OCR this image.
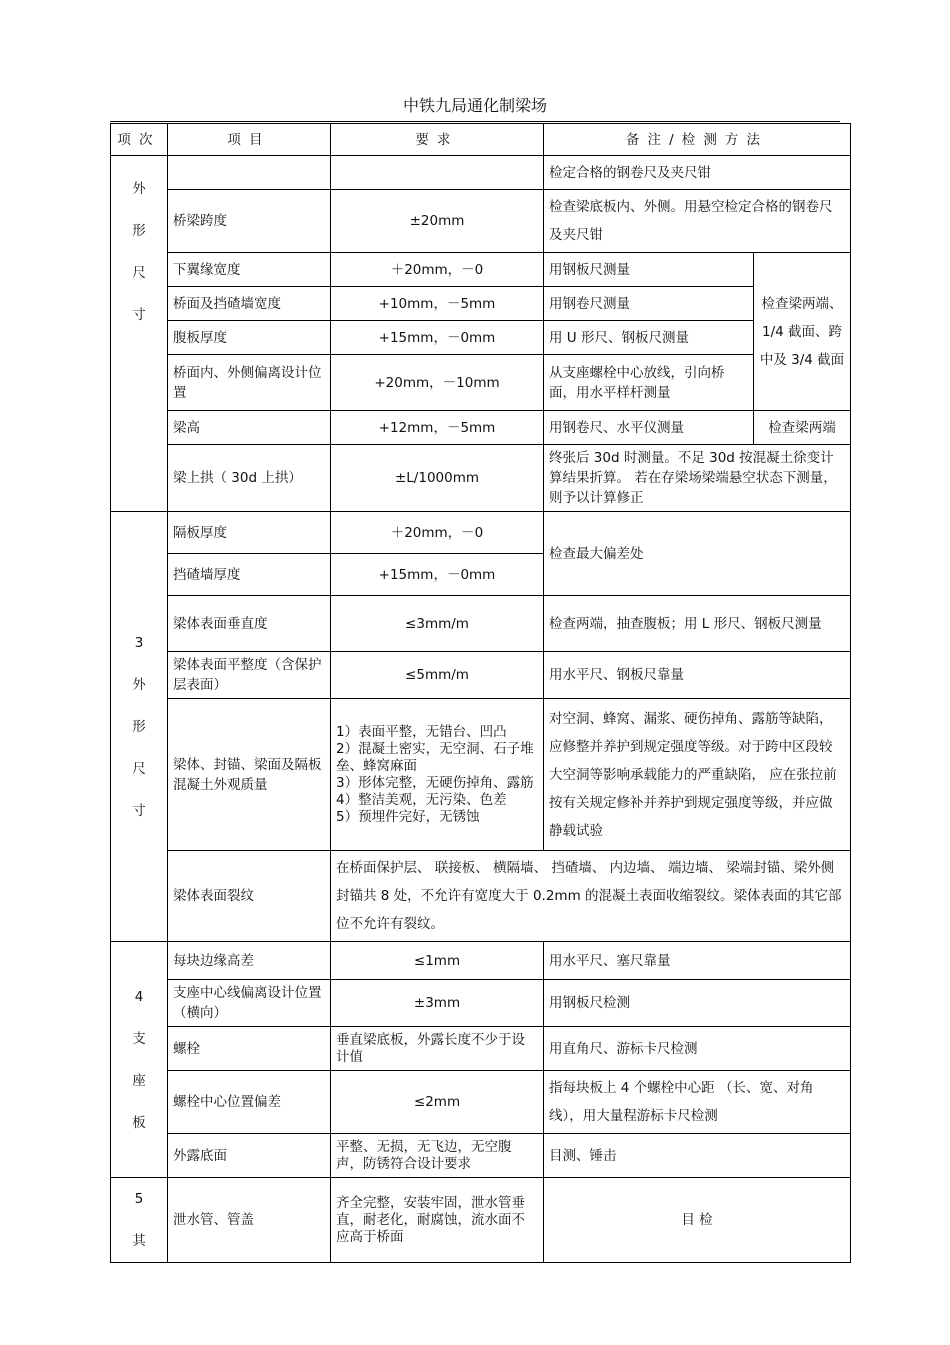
中铁九局通化制梁场
项次	项目	要求	备注/检测方法	
外形尺寸			检定合格的钢卷尺及夹尺钳	
	桥梁跨度	±20mm	检查梁底板内、外侧。用悬空检定合格的钢卷尺及夹尺钳	
	下翼缘宽度	＋20mm，－0	用钢板尺测量	检查梁两端、1/4 截面、跨中及 3/4 截面
	桥面及挡碴墙宽度	+10mm，－5mm	用钢卷尺测量	
	腹板厚度	+15mm，－0mm	用 U 形尺、钢板尺测量	
	桥面内、外侧偏离设计位置	+20mm，－10mm	从支座螺栓中心放线，引向桥面，用水平样杆测量	
	梁高	+12mm，－5mm	用钢卷尺、水平仪测量	检查梁两端
	梁上拱（ 30d 上拱）	±L/1000mm	终张后 30d 时测量。不足 30d 按混凝土徐变计算结果折算。 若在存梁场梁端悬空状态下测量，则予以计算修正	
3外形尺寸	隔板厚度	＋20mm，－0	检查最大偏差处	
	挡碴墙厚度	+15mm，－0mm		
	梁体表面垂直度	≤3mm/m	检查两端，抽查腹板；用 L 形尺、钢板尺测量	
	梁体表面平整度（含保护层表面）	≤5mm/m	用水平尺、钢板尺靠量	
	梁体、封锚、梁面及隔板混凝土外观质量	1）表面平整，无错台、凹凸
2）混凝土密实，无空洞、石子堆垒、蜂窝麻面
3）形体完整，无硬伤掉角、露筋
4）整洁美观，无污染、色差
5）预埋件完好，无锈蚀	对空洞、蜂窝、漏浆、硬伤掉角、露筋等缺陷，应修整并养护到规定强度等级。对于跨中区段较大空洞等影响承载能力的严重缺陷， 应在张拉前按有关规定修补并养护到规定强度等级，并应做静载试验	
	梁体表面裂纹	在桥面保护层、 联接板、 横隔墙、 挡碴墙、 内边墙、 端边墙、 梁端封锚、梁外侧封锚共 8 处，不允许有宽度大于 0.2mm 的混凝土表面收缩裂纹。梁体表面的其它部位不允许有裂纹。		
4支座板	每块边缘高差	≤1mm	用水平尺、塞尺靠量	
	支座中心线偏离设计位置（横向）	±3mm	用钢板尺检测	
	螺栓	垂直梁底板，外露长度不少于设计值	用直角尺、游标卡尺检测	
	螺栓中心位置偏差	≤2mm	指每块板上 4 个螺栓中心距 （长、宽、对角线），用大量程游标卡尺检测	
	外露底面	平整、无损，无飞边，无空腹声，防锈符合设计要求	目测、锤击	
5其	泄水管、管盖	齐全完整，安装牢固，泄水管垂直，耐老化，耐腐蚀，流水面不应高于桥面	目 检	
